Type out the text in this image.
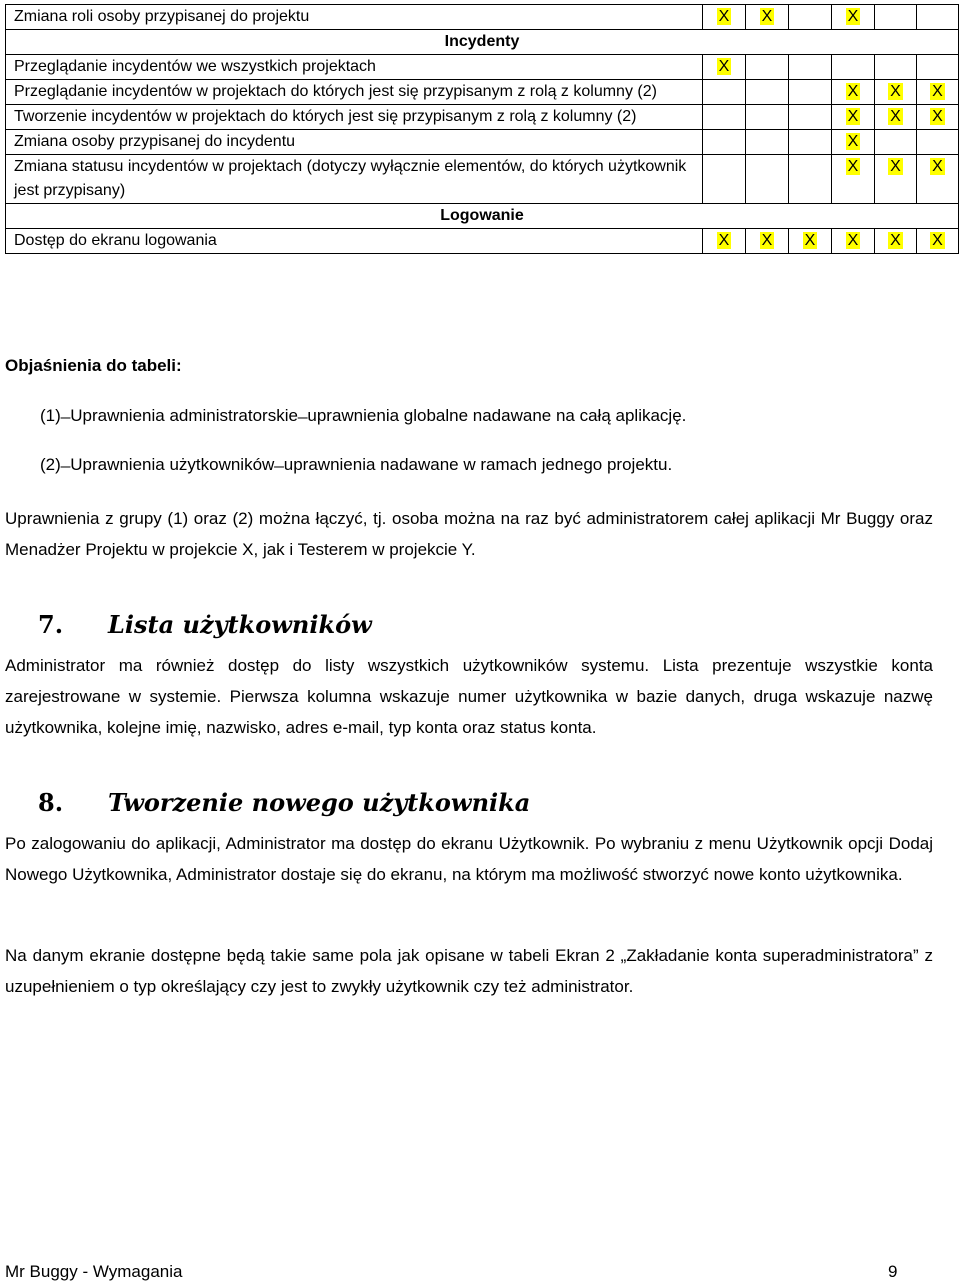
Zmiana roli osoby przypisanej do projektu	X	X		X		
Incydenty						
Przeglądanie incydentów we wszystkich projektach	X					
Przeglądanie incydentów w projektach do których jest się przypisanym z rolą z kolumny (2)				X	X	X
Tworzenie incydentów w projektach do których jest się przypisanym z rolą z kolumny (2)				X	X	X
Zmiana osoby przypisanej do incydentu				X		
Zmiana statusu incydentów w projektach (dotyczy wyłącznie elementów, do których użytkownik jest przypisany)				X	X	X
Logowanie						
Dostęp do ekranu logowania	X	X	X	X	X	X
Objaśnienia do tabeli:
(1) ̶ Uprawnienia administratorskie ̶ uprawnienia globalne nadawane na całą aplikację.
(2) ̶ Uprawnienia użytkowników ̶ uprawnienia nadawane w ramach jednego projektu.
Uprawnienia z grupy (1) oraz (2) można łączyć, tj. osoba można na raz być administratorem całej aplikacji Mr Buggy oraz Menadżer Projektu w projekcie X, jak i Testerem w projekcie Y.
7. Lista użytkowników
Administrator ma również dostęp do listy wszystkich użytkowników systemu. Lista prezentuje wszystkie konta zarejestrowane w systemie. Pierwsza kolumna wskazuje numer użytkownika w bazie danych, druga wskazuje nazwę użytkownika, kolejne imię, nazwisko, adres e-mail, typ konta oraz status konta.
8. Tworzenie nowego użytkownika
Po zalogowaniu do aplikacji, Administrator ma dostęp do ekranu Użytkownik. Po wybraniu z menu Użytkownik opcji Dodaj Nowego Użytkownika, Administrator dostaje się do ekranu, na którym ma możliwość stworzyć nowe konto użytkownika.
Na danym ekranie dostępne będą takie same pola jak opisane w tabeli Ekran 2 „Zakładanie konta superadministratora” z uzupełnieniem o typ określający czy jest to zwykły użytkownik czy też administrator.
Mr Buggy - Wymagania	9
